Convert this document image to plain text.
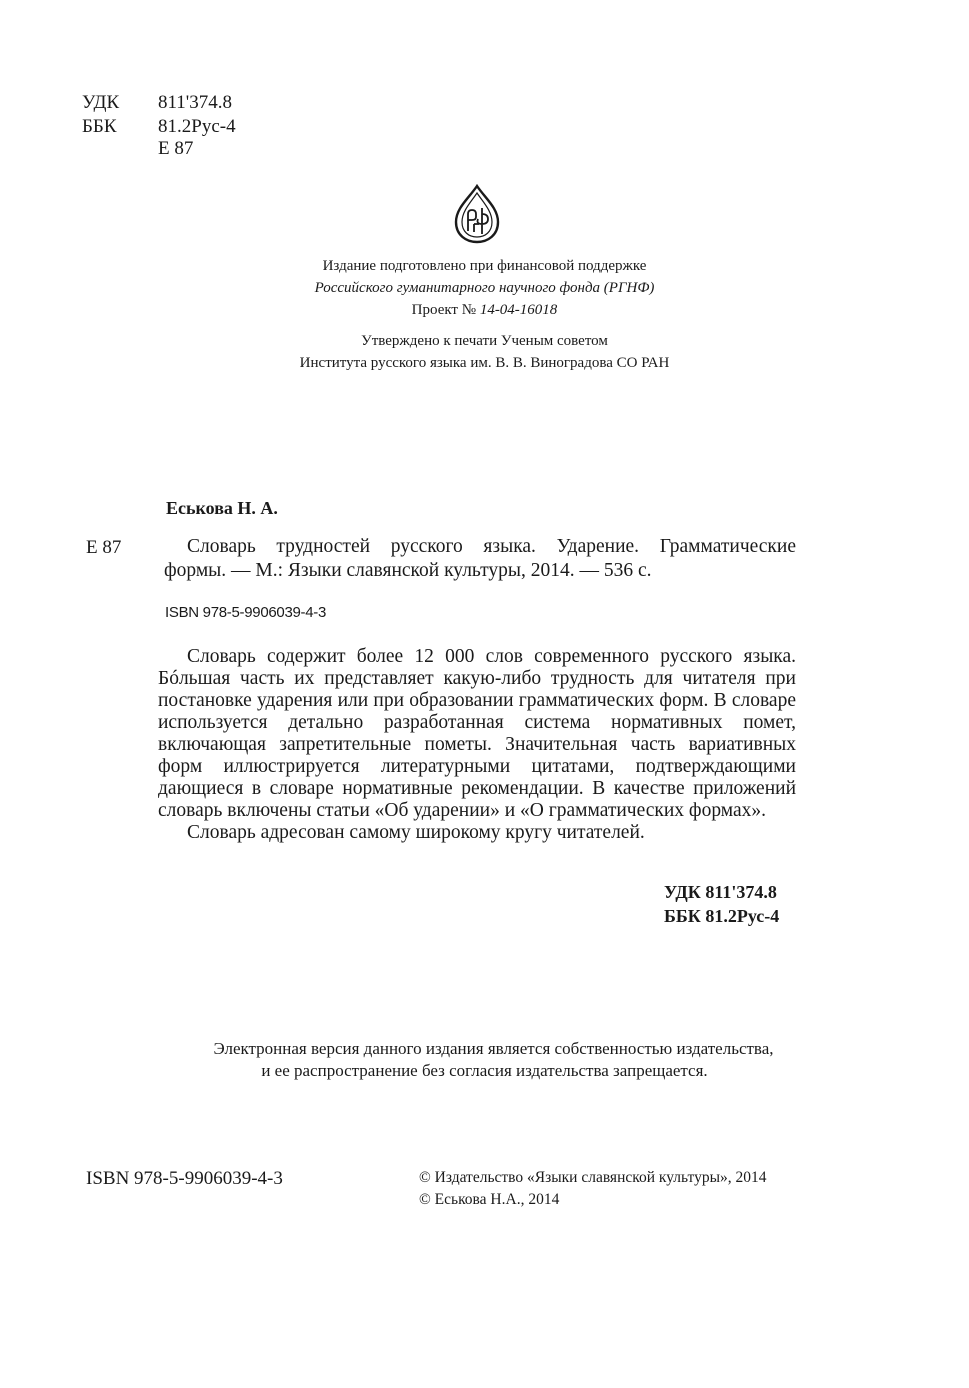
УДК 811'374.8
ББК 81.2Рус-4
Е 87
Издание подготовлено при финансовой поддержке
Российского гуманитарного научного фонда (РГНФ)
Проект № 14-04-16018
Утверждено к печати Ученым советом
Института русского языка им. В. В. Виноградова СО РАН
Еськова Н. А.
Е 87	Словарь трудностей русского языка. Ударение. Грамматические
формы. — М.: Языки славянской культуры, 2014. — 536 с.
ISBN 978-5-9906039-4-3

Словарь содержит более 12 000 слов современного русского языка. Бóльшая часть их представляет какую-либо трудность для читателя при постановке ударения или при образовании грамматических форм. В словаре используется детально разработанная система нормативных помет, включающая запретительные пометы. Значительная часть вариативных форм иллюстрируется литературными цитатами, подтверждающими дающиеся в словаре нормативные рекомендации. В качестве приложений словарь включены статьи «Об ударении» и «О грамматических формах».

Словарь адресован самому широкому кругу читателей.

УДК 811'374.8
ББК 81.2Рус-4
Электронная версия данного издания является собственностью издательства,
и ее распространение без согласия издательства запрещается.
ISBN 978-5-9906039-4-3	© Издательство «Языки славянской культуры», 2014
© Еськова Н.А., 2014
